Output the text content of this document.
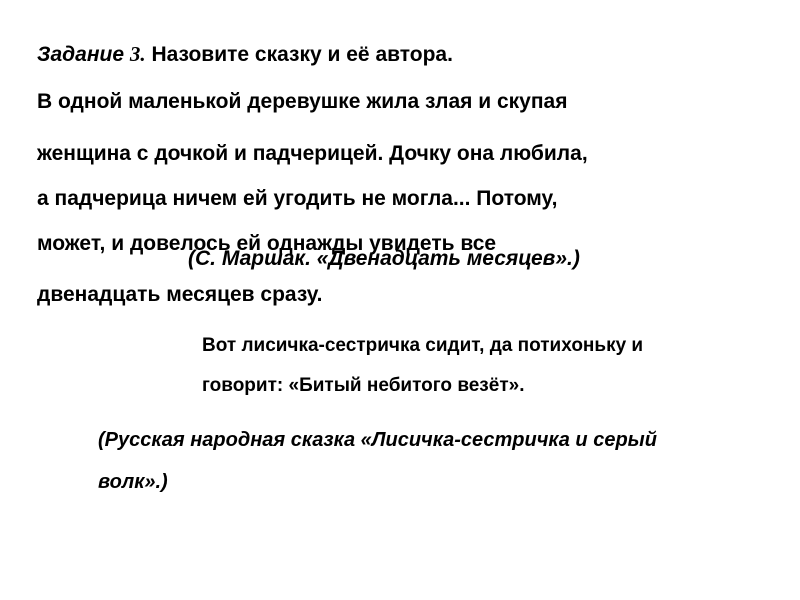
Задание 3. Назовите сказку и её автора.
В одной маленькой деревушке жила злая и скупая
женщина с дочкой и падчерицей. Дочку она любила,
а падчерица ничем ей угодить не могла... Потому,
может, и довелось ей однажды увидеть все
двенадцать месяцев сразу.
(С. Маршак. «Двенадцать месяцев».)
Вот лисичка-сестричка сидит, да потихоньку и
говорит: «Битый небитого везёт».
(Русская народная сказка «Лисичка-сестричка и серый
волк».)
